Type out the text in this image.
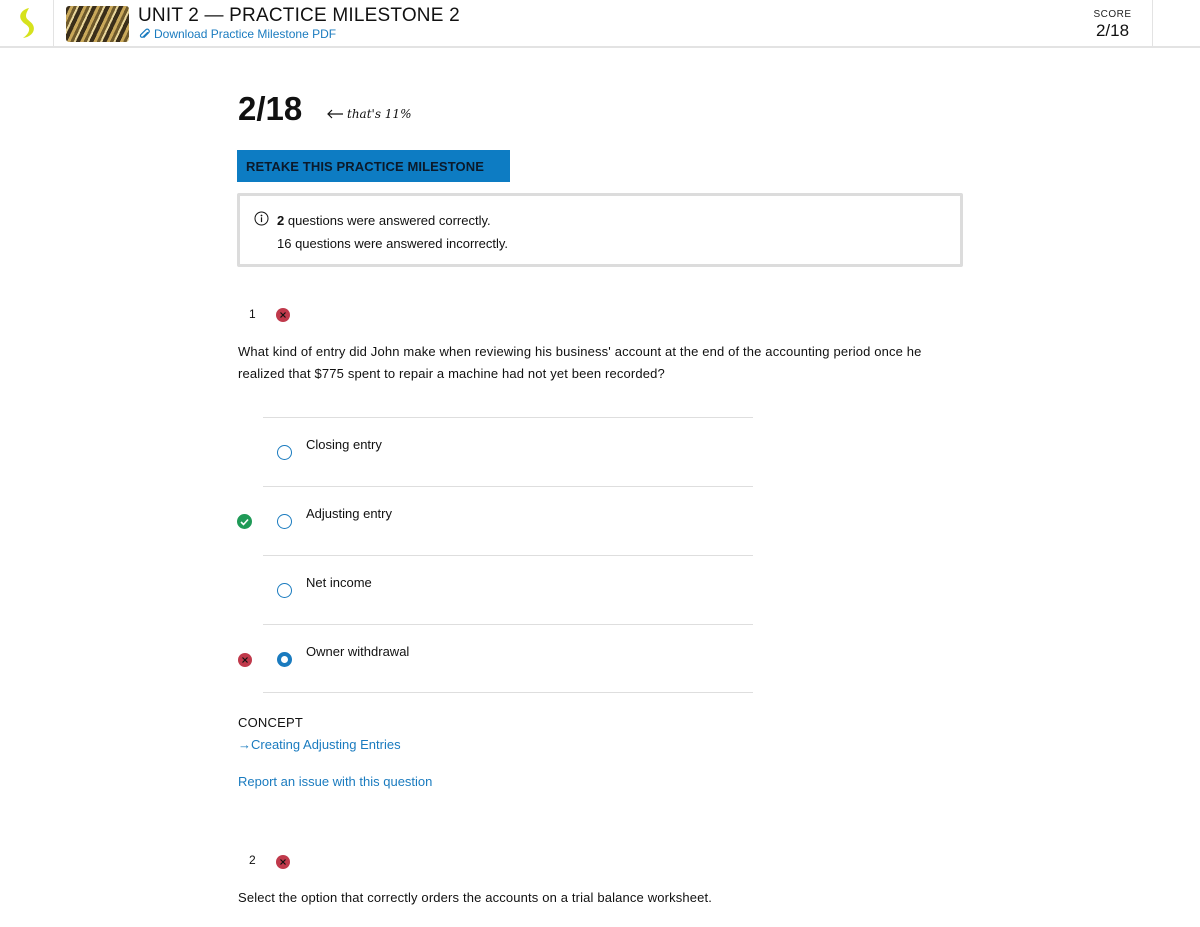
UNIT 2 — PRACTICE MILESTONE 2
Download Practice Milestone PDF
SCORE
2/18
2/18	that's 11%
RETAKE THIS PRACTICE MILESTONE
2 questions were answered correctly.
16 questions were answered incorrectly.
1
What kind of entry did John make when reviewing his business' account at the end of the accounting period once he realized that $775 spent to repair a machine had not yet been recorded?
Closing entry
Adjusting entry
Net income
Owner withdrawal
CONCEPT
→Creating Adjusting Entries
Report an issue with this question
2
Select the option that correctly orders the accounts on a trial balance worksheet.
